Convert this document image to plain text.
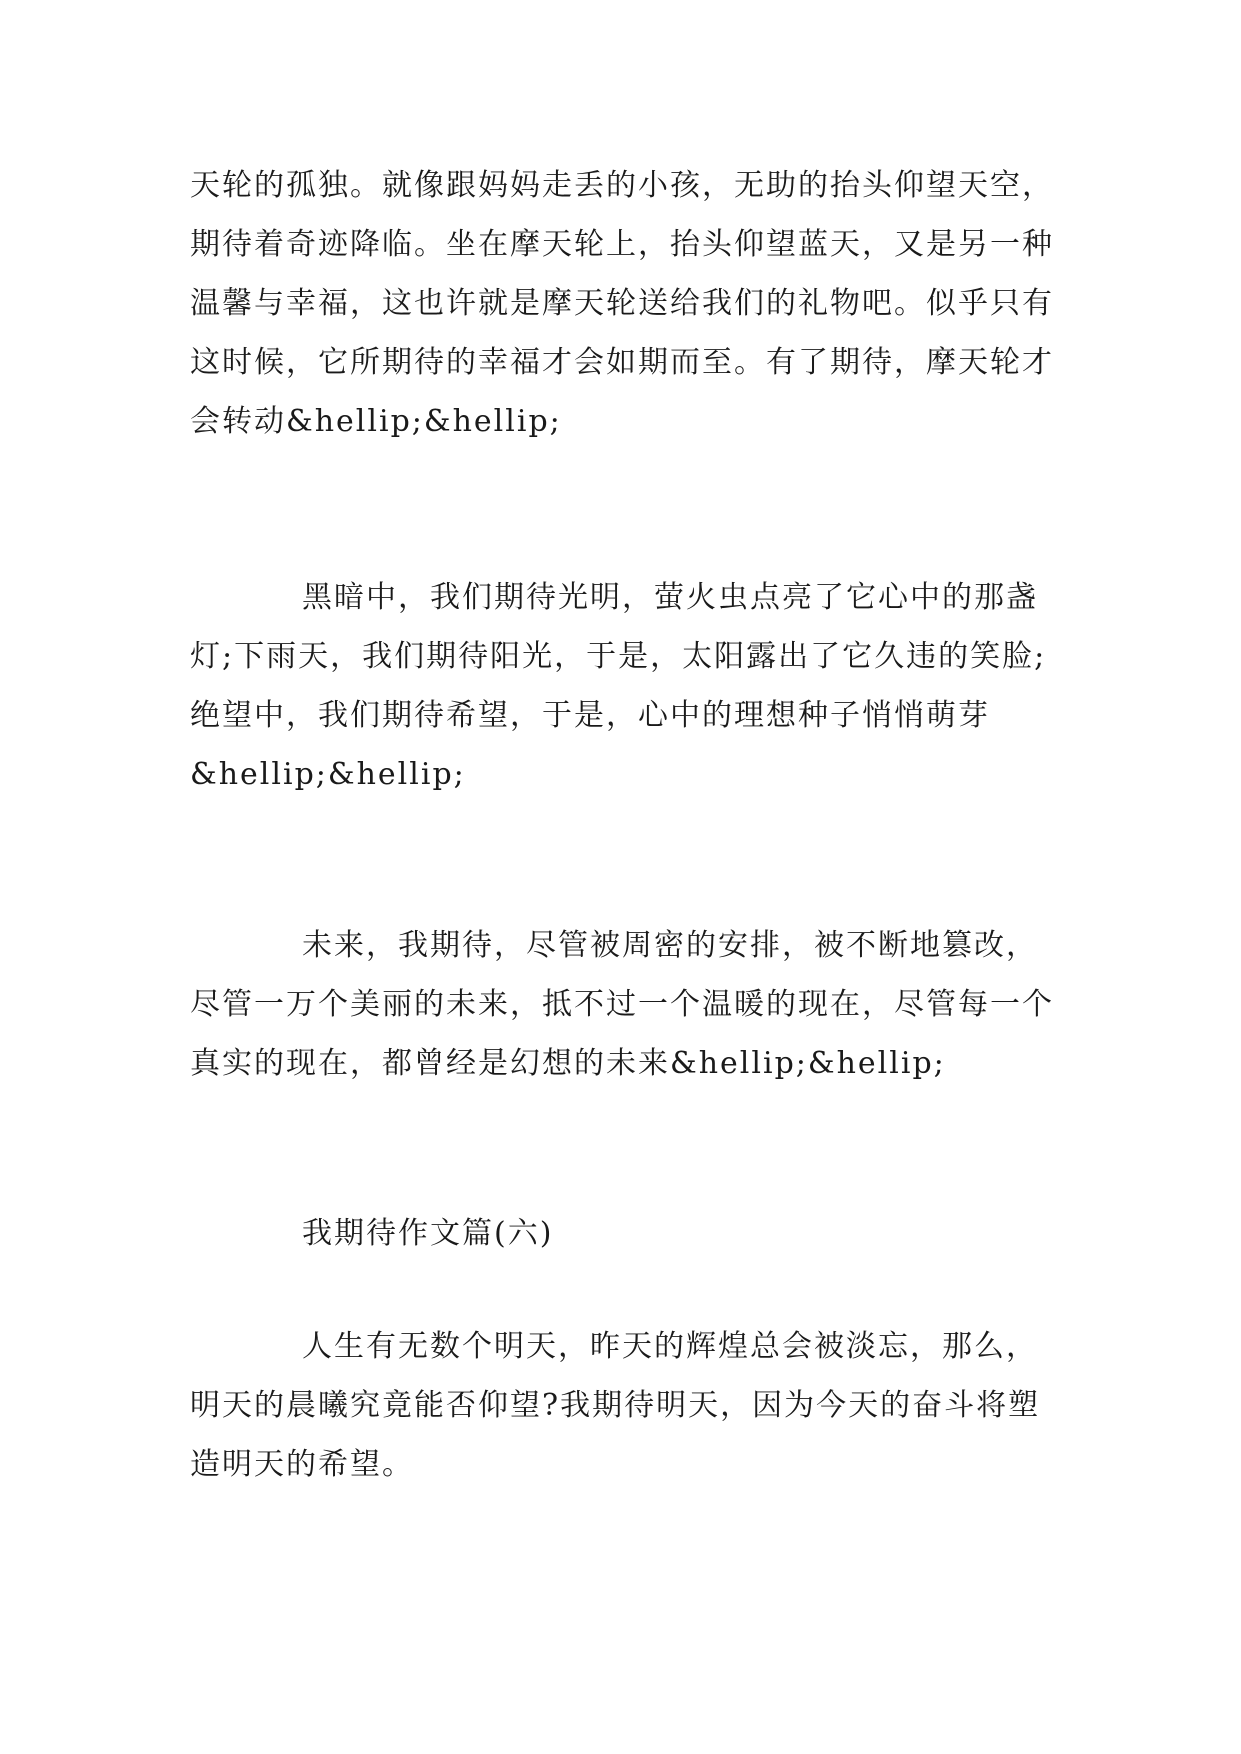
天轮的孤独。就像跟妈妈走丢的小孩，无助的抬头仰望天空，期待着奇迹降临。坐在摩天轮上，抬头仰望蓝天，又是另一种温馨与幸福，这也许就是摩天轮送给我们的礼物吧。似乎只有这时候，它所期待的幸福才会如期而至。有了期待，摩天轮才会转动&hellip;&hellip;

黑暗中，我们期待光明，萤火虫点亮了它心中的那盏灯;下雨天，我们期待阳光，于是，太阳露出了它久违的笑脸;绝望中，我们期待希望，于是，心中的理想种子悄悄萌芽&hellip;&hellip;

未来，我期待，尽管被周密的安排，被不断地篡改，尽管一万个美丽的未来，抵不过一个温暖的现在，尽管每一个真实的现在，都曾经是幻想的未来&hellip;&hellip;

我期待作文篇(六)

人生有无数个明天，昨天的辉煌总会被淡忘，那么，明天的晨曦究竟能否仰望?我期待明天，因为今天的奋斗将塑造明天的希望。
